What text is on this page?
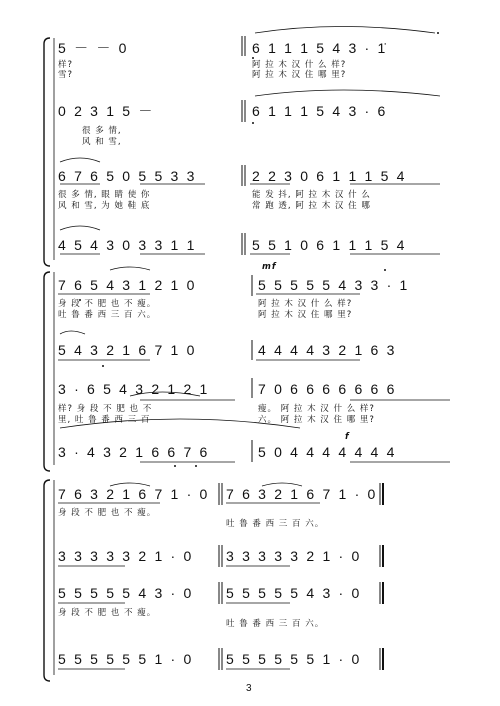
5 － － 0	6 1 1 1 5 4 3 · 1̇
样?
雪?
阿 拉 木 汉 什 么 样?
阿 拉 木 汉 住 哪 里?
0 2 3 1 5 －	6 1 1 1 5 4 3 · 6
很 多 情,
风 和 雪,
6 7 6 5 0 5 5 3 3	2 2 3 0 6 1 1 1 5 4
很 多 情, 眼 睛 使 你
风 和 雪, 为 她 鞋 底
能 发 抖, 阿 拉 木 汉 什 么
常 跑 透, 阿 拉 木 汉 住 哪
4 5 4 3 0 3 3 1 1	5 5 1 0 6 1 1 1 5 4
mf
7 6 5 4 3 1 2 1 0	5 5 5 5 5 4 3 3 · 1
身 段 不 肥 也 不 瘦。
吐 鲁 番 西 三 百 六。
阿 拉 木 汉 什 么 样?
阿 拉 木 汉 住 哪 里?
5 4 3 2 1 6 7 1 0	4 4 4 4 3 2 1 6 3
3 · 6 5 4 3 2 1 2 1	7 0 6 6 6 6 6 6 6
样? 身 段 不 肥 也 不
里, 吐 鲁 番 西 三 百
瘦。 阿 拉 木 汉 什 么 样?
六。 阿 拉 木 汉 住 哪 里?
f
3 · 4 3 2 1 6 6 7 6	5 0 4 4 4 4 4 4 4
7 6 3 2 1 6 7 1 · 0 7 6 3 2 1 6 7 1 · 0
身 段 不 肥 也 不 瘦。
吐 鲁 番 西 三 百 六。
3 3 3 3 3 2 1 · 0 3 3 3 3 3 2 1 · 0
5 5 5 5 5 4 3 · 0 5 5 5 5 5 4 3 · 0
身 段 不 肥 也 不 瘦。
吐 鲁 番 西 三 百 六。
5 5 5 5 5 5 1 · 0 5 5 5 5 5 5 1 · 0
3
